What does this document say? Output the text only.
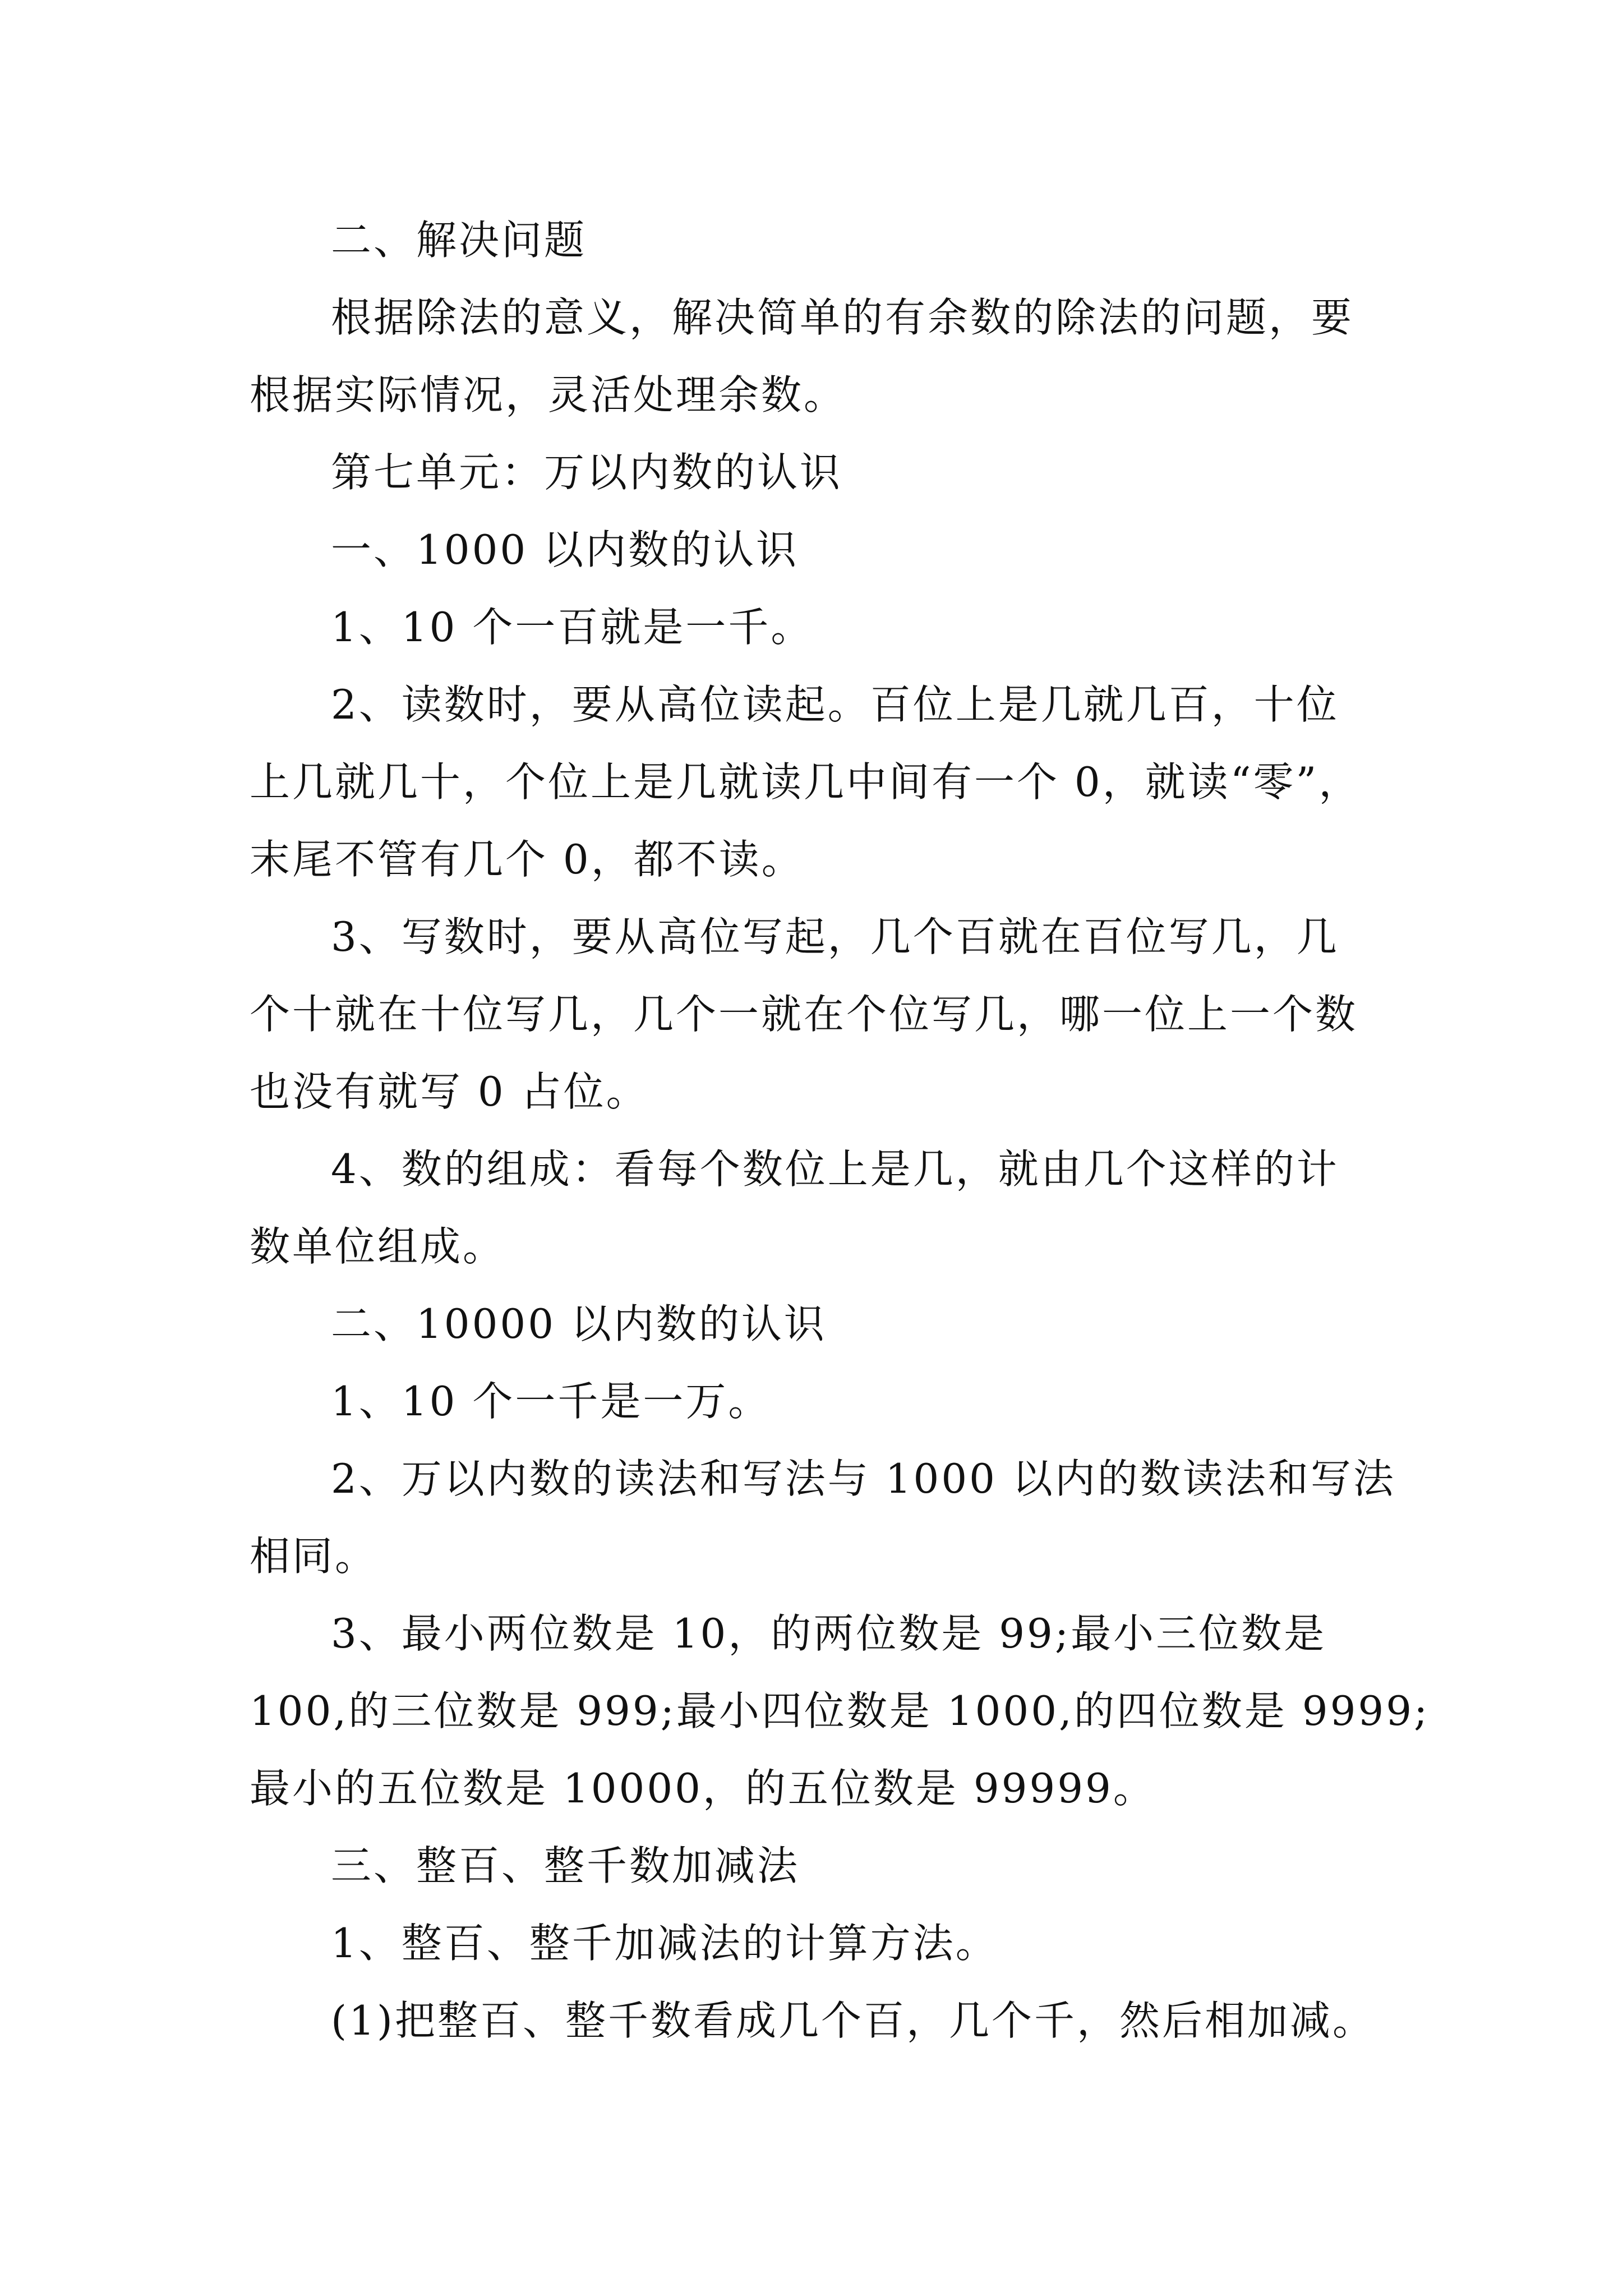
二、解决问题
根据除法的意义，解决简单的有余数的除法的问题，要
根据实际情况，灵活处理余数。
第七单元：万以内数的认识
一、1000 以内数的认识
1、10 个一百就是一千。
2、读数时，要从高位读起。百位上是几就几百，十位
上几就几十，个位上是几就读几中间有一个 0，就读“零”，
末尾不管有几个 0，都不读。
3、写数时，要从高位写起，几个百就在百位写几，几
个十就在十位写几，几个一就在个位写几，哪一位上一个数
也没有就写 0 占位。
4、数的组成：看每个数位上是几，就由几个这样的计
数单位组成。
二、10000 以内数的认识
1、10 个一千是一万。
2、万以内数的读法和写法与 1000 以内的数读法和写法
相同。
3、最小两位数是 10，的两位数是 99;最小三位数是
100,的三位数是 999;最小四位数是 1000,的四位数是 9999;
最小的五位数是 10000，的五位数是 99999。
三、整百、整千数加减法
1、整百、整千加减法的计算方法。
(1)把整百、整千数看成几个百，几个千，然后相加减。
